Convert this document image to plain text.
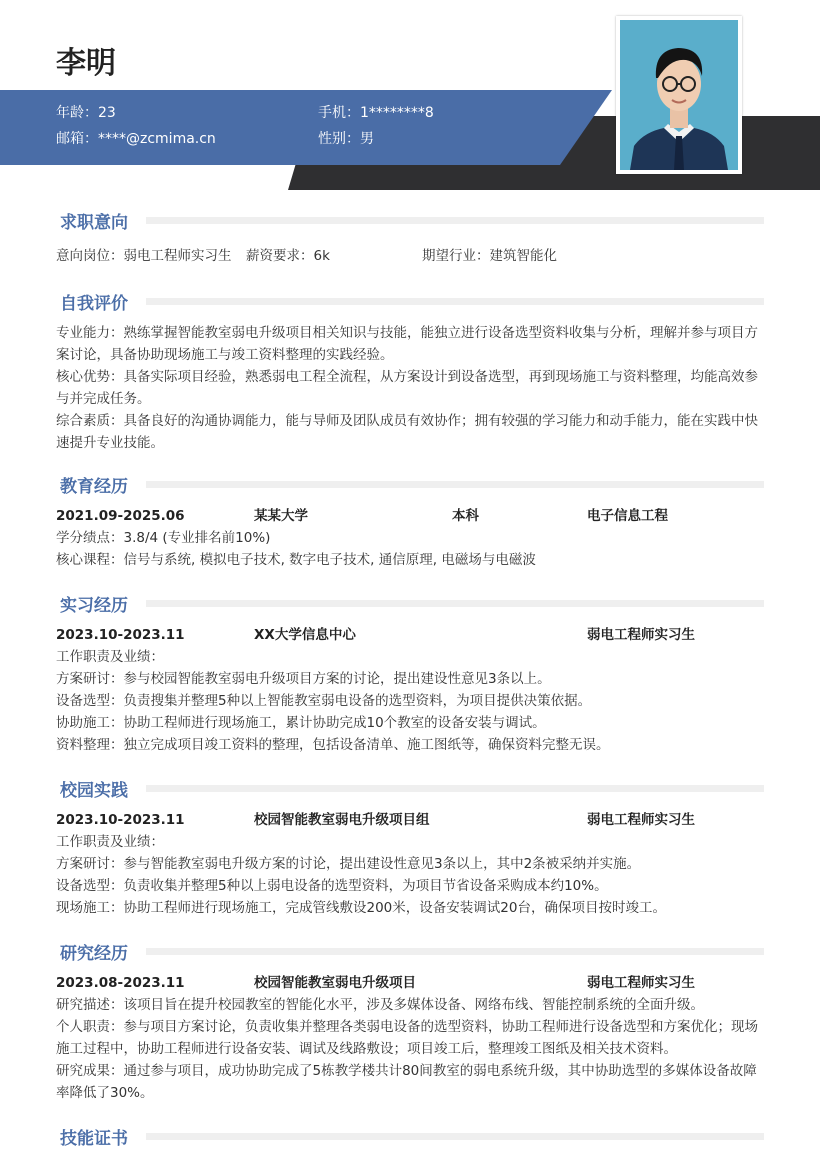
李明
年龄：23	手机：1********8
邮箱：****@zcmima.cn	性别：男
求职意向
意向岗位：弱电工程师实习生 薪资要求：6k	期望行业：建筑智能化
自我评价
专业能力：熟练掌握智能教室弱电升级项目相关知识与技能，能独立进行设备选型资料收集与分析，理解并参与项目方案讨论，具备协助现场施工与竣工资料整理的实践经验。
核心优势：具备实际项目经验，熟悉弱电工程全流程，从方案设计到设备选型，再到现场施工与资料整理，均能高效参与并完成任务。
综合素质：具备良好的沟通协调能力，能与导师及团队成员有效协作；拥有较强的学习能力和动手能力，能在实践中快速提升专业技能。
教育经历
2021.09-2025.06	某某大学	本科	电子信息工程
学分绩点：3.8/4 (专业排名前10%)
核心课程：信号与系统, 模拟电子技术, 数字电子技术, 通信原理, 电磁场与电磁波
实习经历
2023.10-2023.11	XX大学信息中心	弱电工程师实习生
工作职责及业绩：
方案研讨：参与校园智能教室弱电升级项目方案的讨论，提出建设性意见3条以上。
设备选型：负责搜集并整理5种以上智能教室弱电设备的选型资料，为项目提供决策依据。
协助施工：协助工程师进行现场施工，累计协助完成10个教室的设备安装与调试。
资料整理：独立完成项目竣工资料的整理，包括设备清单、施工图纸等，确保资料完整无误。
校园实践
2023.10-2023.11	校园智能教室弱电升级项目组	弱电工程师实习生
工作职责及业绩：
方案研讨：参与智能教室弱电升级方案的讨论，提出建设性意见3条以上，其中2条被采纳并实施。
设备选型：负责收集并整理5种以上弱电设备的选型资料，为项目节省设备采购成本约10%。
现场施工：协助工程师进行现场施工，完成管线敷设200米，设备安装调试20台，确保项目按时竣工。
研究经历
2023.08-2023.11	校园智能教室弱电升级项目	弱电工程师实习生
研究描述：该项目旨在提升校园教室的智能化水平，涉及多媒体设备、网络布线、智能控制系统的全面升级。
个人职责：参与项目方案讨论，负责收集并整理各类弱电设备的选型资料，协助工程师进行设备选型和方案优化；现场施工过程中，协助工程师进行设备安装、调试及线路敷设；项目竣工后，整理竣工图纸及相关技术资料。
研究成果：通过参与项目，成功协助完成了5栋教学楼共计80间教室的弱电系统升级，其中协助选型的多媒体设备故障率降低了30%。
技能证书
